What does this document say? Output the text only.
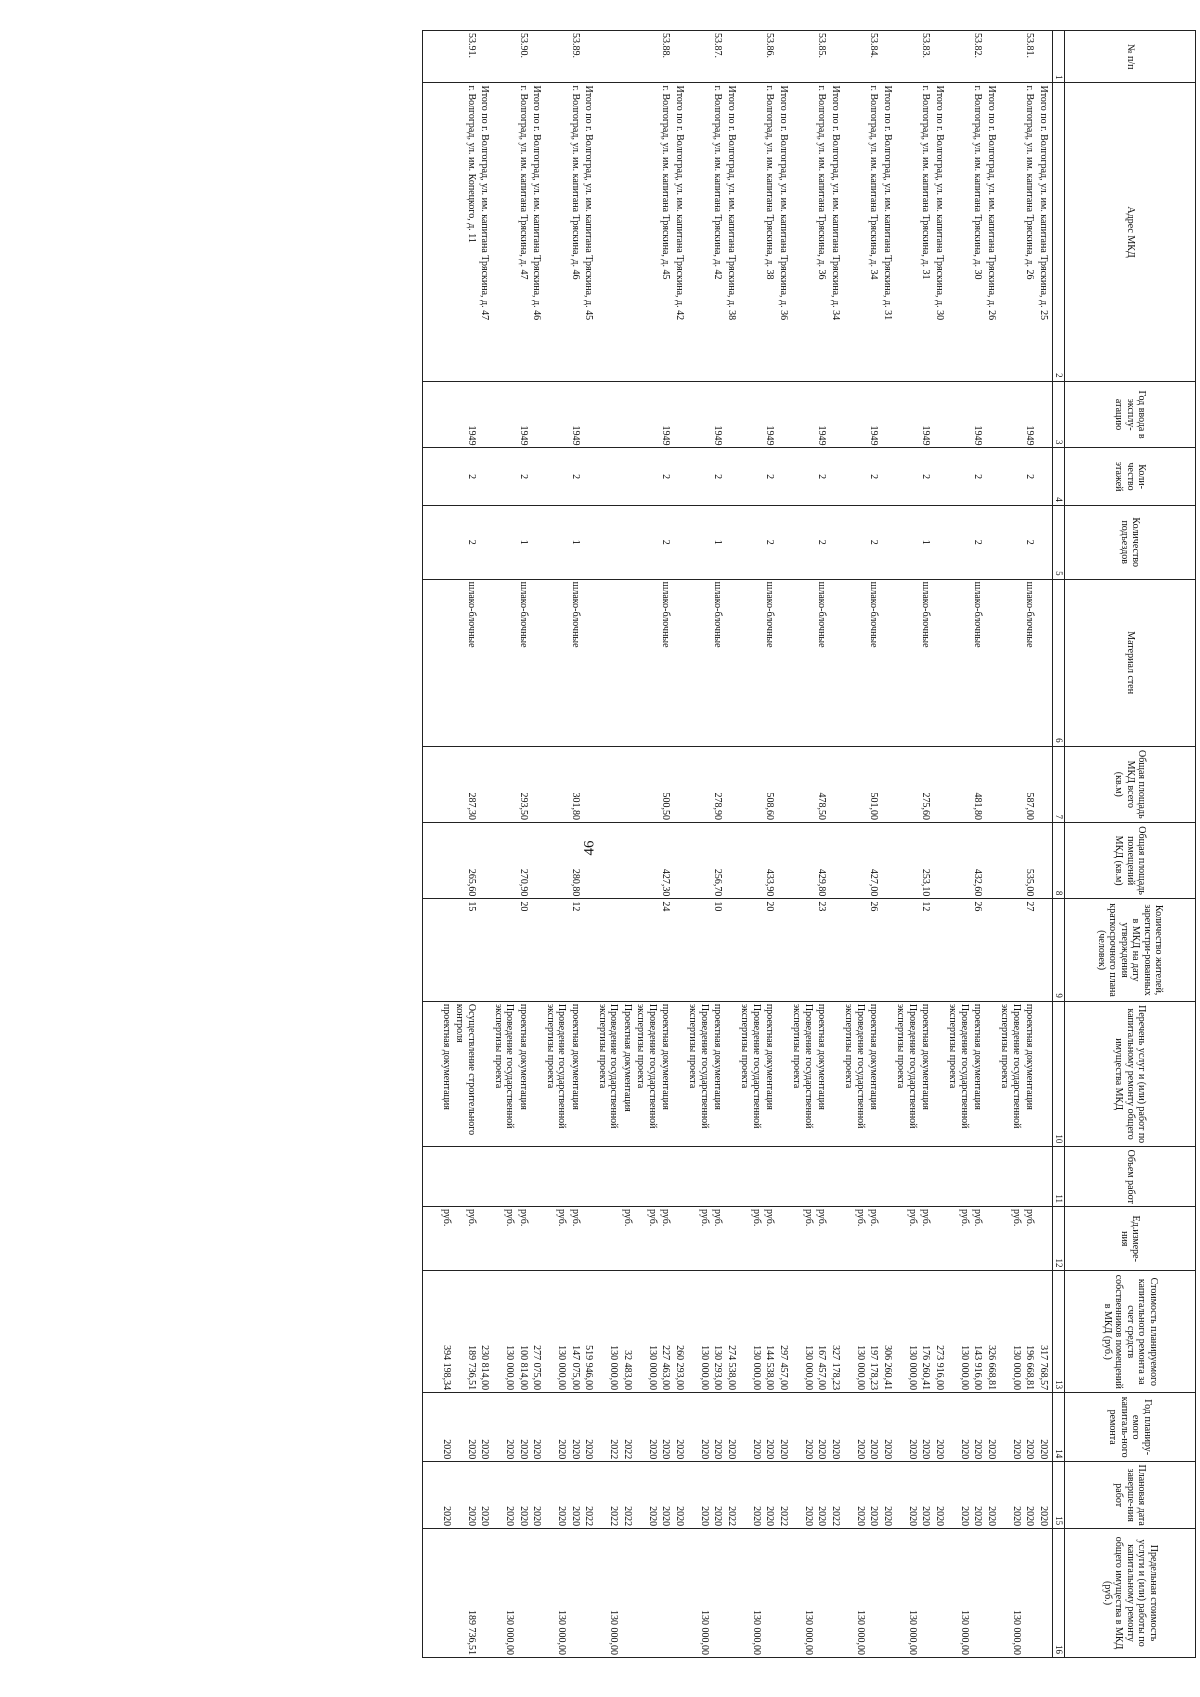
46
№ п/п	Адрес МКД	Год ввода в эксплу-атацию	Коли-чество этажей	Количество подъездов	Материал стен	Общая площадь МКД всего (кв.м)	Общая площадь помещений МКД (кв.м)	Количество жителей, зарегистри-рованных в МКД на дату утверждения краткосрочного плана (человек)	Перечень услуг и (или) работ по капитальному ремонту общего имущества МКД	Объем работ	Ед.измере-ния	Стоимость планируемого капитального ремонта за счет средств собственников помещений в МКД (руб.)	Год планиру-емого капиталь-ного ремонта	Плановая дата заверше-ния работ	Предельная стоимость услуги и (или) работы по капитальному ремонту общего имущества в МКД (руб.)
1	2	3	4	5	6	7	8	9	10	11	12	13	14	15	16
	Итого по г. Волгоград, ул. им. капитана Тряскина, д. 25											317 768,57	2020	2020	
53.81.	г. Волгоград, ул. им. капитана Тряскина, д. 26	1949	2	2	шлако-блочные	587,00	535,00	27	проектная документация		руб.	196 668,81	2020	2020	
									Проведение государственной экспертизы проекта		руб.	130 000,00	2020	2020	130 000,00
	Итого по г. Волгоград, ул. им. капитана Тряскина, д. 26											326 668,81	2020	2020	
53.82.	г. Волгоград, ул. им. капитана Тряскина, д. 30	1949	2	2	шлако-блочные	481,80	432,60	26	проектная документация		руб.	143 916,00	2020	2020	
									Проведение государственной экспертизы проекта		руб.	130 000,00	2020	2020	130 000,00
	Итого по г. Волгоград, ул. им. капитана Тряскина, д. 30											273 916,00	2020	2020	
53.83.	г. Волгоград, ул. им. капитана Тряскина, д. 31	1949	2	1	шлако-блочные	275,60	253,10	12	проектная документация		руб.	176 260,41	2020	2020	
									Проведение государственной экспертизы проекта		руб.	130 000,00	2020	2020	130 000,00
	Итого по г. Волгоград, ул. им. капитана Тряскина, д. 31											306 260,41	2020	2020	
53.84.	г. Волгоград, ул. им. капитана Тряскина, д. 34	1949	2	2	шлако-блочные	501,00	427,00	26	проектная документация		руб.	197 178,23	2020	2020	
									Проведение государственной экспертизы проекта		руб.	130 000,00	2020	2020	130 000,00
	Итого по г. Волгоград, ул. им. капитана Тряскина, д. 34											327 178,23	2020	2022	
53.85.	г. Волгоград, ул. им. капитана Тряскина, д. 36	1949	2	2	шлако-блочные	478,50	429,80	23	проектная документация		руб.	167 457,00	2020	2020	
									Проведение государственной экспертизы проекта		руб.	130 000,00	2020	2020	130 000,00
	Итого по г. Волгоград, ул. им. капитана Тряскина, д. 36											297 457,00	2020	2022	
53.86.	г. Волгоград, ул. им. капитана Тряскина, д. 38	1949	2	2	шлако-блочные	508,60	433,90	20	проектная документация		руб.	144 538,00	2020	2020	
									Проведение государственной экспертизы проекта		руб.	130 000,00	2020	2020	130 000,00
	Итого по г. Волгоград, ул. им. капитана Тряскина, д. 38											274 538,00	2020	2022	
53.87.	г. Волгоград, ул. им. капитана Тряскина, д. 42	1949	2	1	шлако-блочные	278,90	256,70	10	проектная документация		руб.	130 293,00	2020	2020	
									Проведение государственной экспертизы проекта		руб.	130 000,00	2020	2020	130 000,00
	Итого по г. Волгоград, ул. им. капитана Тряскина, д. 42											260 293,00	2020	2020	
53.88.	г. Волгоград, ул. им. капитана Тряскина, д. 45	1949	2	2	шлако-блочные	500,50	427,30	24	проектная документация		руб.	227 463,00	2020	2020	
									Проведение государственной экспертизы проекта		руб.	130 000,00	2020	2020	
									Проектная документация		руб.	32 483,00	2022	2022	
									Проведение государственной экспертизы проекта			130 000,00	2022	2022	130 000,00
	Итого по г. Волгоград, ул. им. капитана Тряскина, д. 45											519 946,00	2020	2022	
53.89.	г. Волгоград, ул. им. капитана Тряскина, д. 46	1949	2	1	шлако-блочные	301,80	280,80	12	проектная документация		руб.	147 075,00	2020	2020	
									Проведение государственной экспертизы проекта		руб.	130 000,00	2020	2020	130 000,00
	Итого по г. Волгоград, ул. им. капитана Тряскина, д. 46											277 075,00	2020	2020	
53.90.	г. Волгоград, ул. им. капитана Тряскина, д. 47	1949	2	1	шлако-блочные	293,50	270,90	20	проектная документация		руб.	100 814,00	2020	2020	
									Проведение государственной экспертизы проекта		руб.	130 000,00	2020	2020	130 000,00
	Итого по г. Волгоград, ул. им. капитана Тряскина, д. 47											230 814,00	2020	2020	
53.91.	г. Волгоград, ул. им. Копецкого, д. 11	1949	2	2	шлако-блочные	287,30	265,60	15	Осуществление строительного контроля		руб.	189 736,51	2020	2020	189 736,51
									проектная документация		руб.	394 198,34	2020	2020	
